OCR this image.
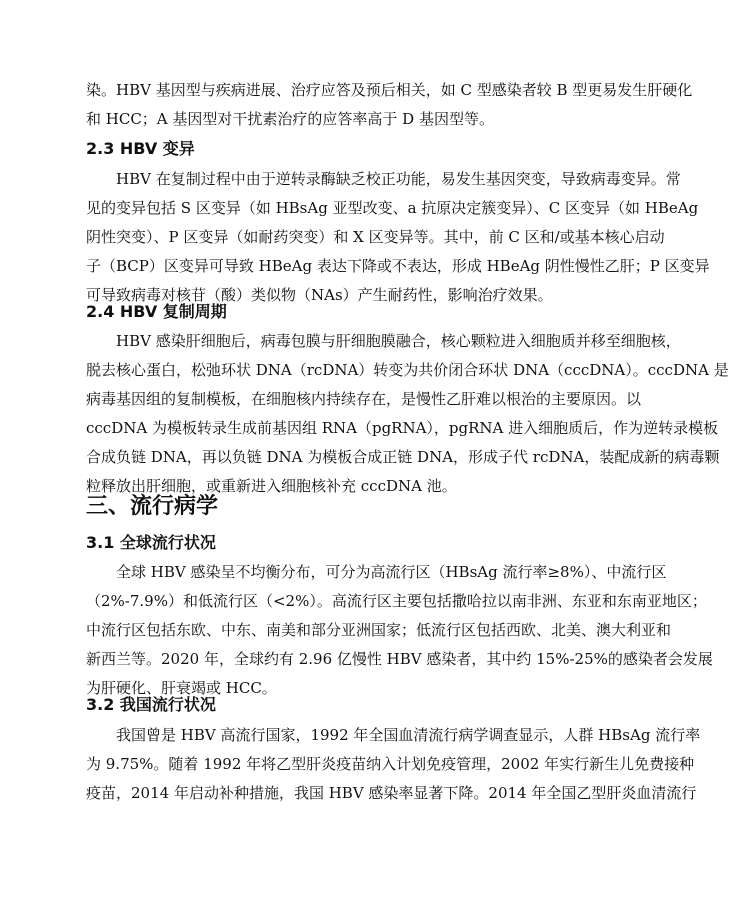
染。HBV 基因型与疾病进展、治疗应答及预后相关，如 C 型感染者较 B 型更易发生肝硬化
和 HCC；A 基因型对干扰素治疗的应答率高于 D 基因型等。
2.3 HBV 变异
HBV 在复制过程中由于逆转录酶缺乏校正功能，易发生基因突变，导致病毒变异。常
见的变异包括 S 区变异（如 HBsAg 亚型改变、a 抗原决定簇变异）、C 区变异（如 HBeAg
阴性突变）、P 区变异（如耐药突变）和 X 区变异等。其中，前 C 区和/或基本核心启动
子（BCP）区变异可导致 HBeAg 表达下降或不表达，形成 HBeAg 阴性慢性乙肝；P 区变异
可导致病毒对核苷（酸）类似物（NAs）产生耐药性，影响治疗效果。
2.4 HBV 复制周期
HBV 感染肝细胞后，病毒包膜与肝细胞膜融合，核心颗粒进入细胞质并移至细胞核，
脱去核心蛋白，松弛环状 DNA（rcDNA）转变为共价闭合环状 DNA（cccDNA）。cccDNA 是
病毒基因组的复制模板，在细胞核内持续存在，是慢性乙肝难以根治的主要原因。以
cccDNA 为模板转录生成前基因组 RNA（pgRNA），pgRNA 进入细胞质后，作为逆转录模板
合成负链 DNA，再以负链 DNA 为模板合成正链 DNA，形成子代 rcDNA，装配成新的病毒颗
粒释放出肝细胞，或重新进入细胞核补充 cccDNA 池。
三、流行病学
3.1 全球流行状况
全球 HBV 感染呈不均衡分布，可分为高流行区（HBsAg 流行率≥8%）、中流行区
（2%-7.9%）和低流行区（<2%）。高流行区主要包括撒哈拉以南非洲、东亚和东南亚地区；
中流行区包括东欧、中东、南美和部分亚洲国家；低流行区包括西欧、北美、澳大利亚和
新西兰等。2020 年，全球约有 2.96 亿慢性 HBV 感染者，其中约 15%-25%的感染者会发展
为肝硬化、肝衰竭或 HCC。
3.2 我国流行状况
我国曾是 HBV 高流行国家，1992 年全国血清流行病学调查显示，人群 HBsAg 流行率
为 9.75%。随着 1992 年将乙型肝炎疫苗纳入计划免疫管理，2002 年实行新生儿免费接种
疫苗，2014 年启动补种措施，我国 HBV 感染率显著下降。2014 年全国乙型肝炎血清流行
